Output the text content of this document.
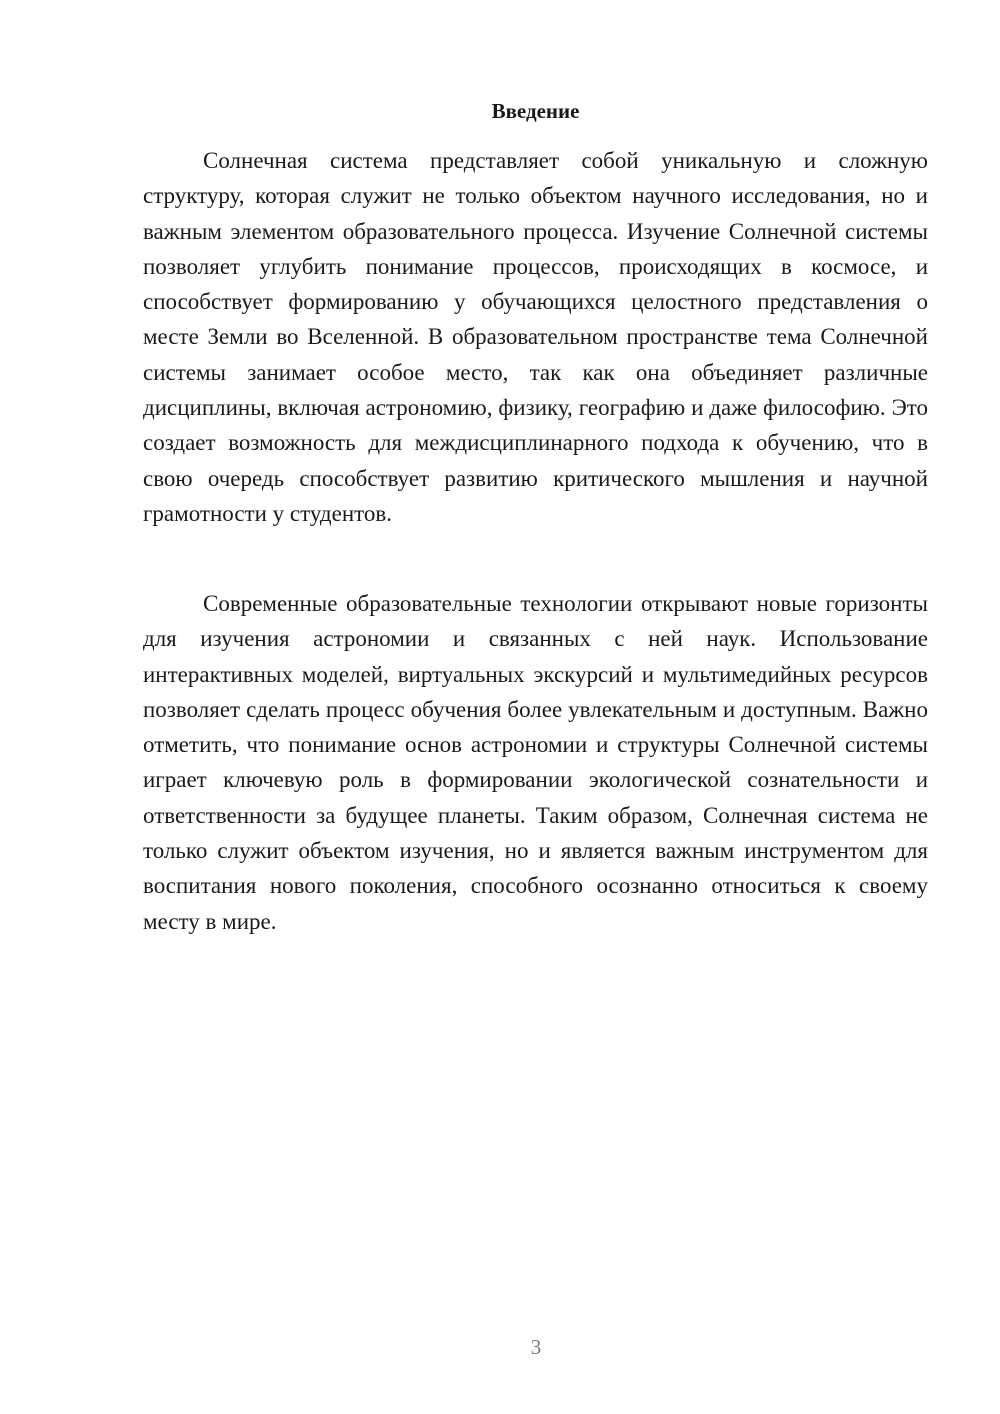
Введение

Солнечная система представляет собой уникальную и сложную структуру, которая служит не только объектом научного исследования, но и важным элементом образовательного процесса. Изучение Солнечной системы позволяет углубить понимание процессов, происходящих в космосе, и способствует формированию у обучающихся целостного представления о месте Земли во Вселенной. В образовательном пространстве тема Солнечной системы занимает особое место, так как она объединяет различные дисциплины, включая астрономию, физику, географию и даже философию. Это создает возможность для междисциплинарного подхода к обучению, что в свою очередь способствует развитию критического мышления и научной грамотности у студентов.

Современные образовательные технологии открывают новые горизонты для изучения астрономии и связанных с ней наук. Использование интерактивных моделей, виртуальных экскурсий и мультимедийных ресурсов позволяет сделать процесс обучения более увлекательным и доступным. Важно отметить, что понимание основ астрономии и структуры Солнечной системы играет ключевую роль в формировании экологической сознательности и ответственности за будущее планеты. Таким образом, Солнечная система не только служит объектом изучения, но и является важным инструментом для воспитания нового поколения, способного осознанно относиться к своему месту в мире.

3
